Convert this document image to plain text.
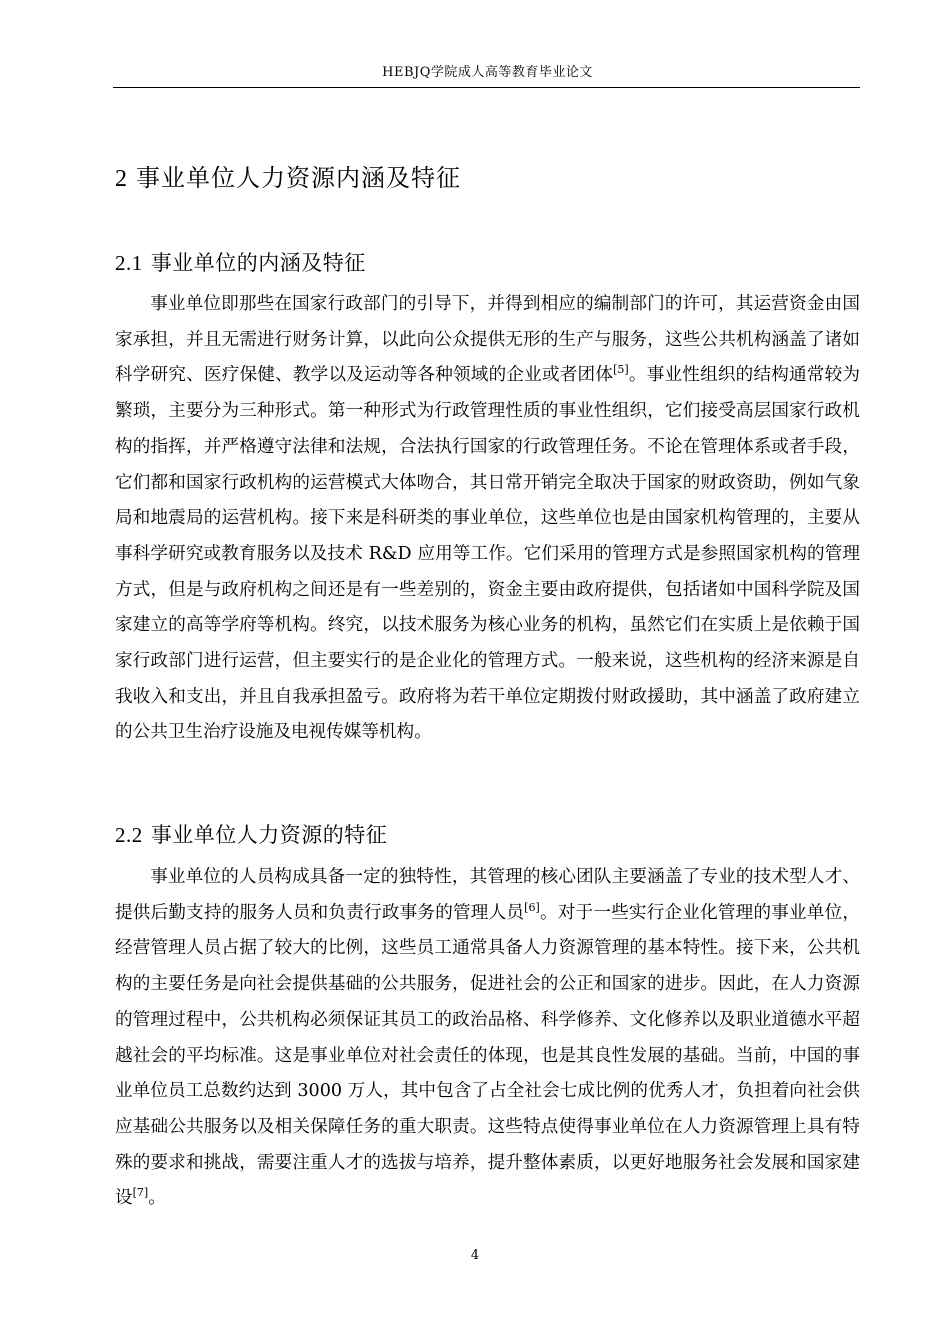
HEBJQ学院成人高等教育毕业论文
2 事业单位人力资源内涵及特征
2.1 事业单位的内涵及特征

事业单位即那些在国家行政部门的引导下，并得到相应的编制部门的许可，其运营资金由国家承担，并且无需进行财务计算，以此向公众提供无形的生产与服务，这些公共机构涵盖了诸如科学研究、医疗保健、教学以及运动等各种领域的企业或者团体[5]。事业性组织的结构通常较为繁琐，主要分为三种形式。第一种形式为行政管理性质的事业性组织，它们接受高层国家行政机构的指挥，并严格遵守法律和法规，合法执行国家的行政管理任务。不论在管理体系或者手段，它们都和国家行政机构的运营模式大体吻合，其日常开销完全取决于国家的财政资助，例如气象局和地震局的运营机构。接下来是科研类的事业单位，这些单位也是由国家机构管理的，主要从事科学研究或教育服务以及技术 R&D 应用等工作。它们采用的管理方式是参照国家机构的管理方式，但是与政府机构之间还是有一些差别的，资金主要由政府提供，包括诸如中国科学院及国家建立的高等学府等机构。终究，以技术服务为核心业务的机构，虽然它们在实质上是依赖于国家行政部门进行运营，但主要实行的是企业化的管理方式。一般来说，这些机构的经济来源是自我收入和支出，并且自我承担盈亏。政府将为若干单位定期拨付财政援助，其中涵盖了政府建立的公共卫生治疗设施及电视传媒等机构。

2.2 事业单位人力资源的特征

事业单位的人员构成具备一定的独特性，其管理的核心团队主要涵盖了专业的技术型人才、提供后勤支持的服务人员和负责行政事务的管理人员[6]。对于一些实行企业化管理的事业单位，经营管理人员占据了较大的比例，这些员工通常具备人力资源管理的基本特性。接下来，公共机构的主要任务是向社会提供基础的公共服务，促进社会的公正和国家的进步。因此，在人力资源的管理过程中，公共机构必须保证其员工的政治品格、科学修养、文化修养以及职业道德水平超越社会的平均标准。这是事业单位对社会责任的体现，也是其良性发展的基础。当前，中国的事业单位员工总数约达到 3000 万人，其中包含了占全社会七成比例的优秀人才，负担着向社会供应基础公共服务以及相关保障任务的重大职责。这些特点使得事业单位在人力资源管理上具有特殊的要求和挑战，需要注重人才的选拔与培养，提升整体素质，以更好地服务社会发展和国家建设[7]。

4
